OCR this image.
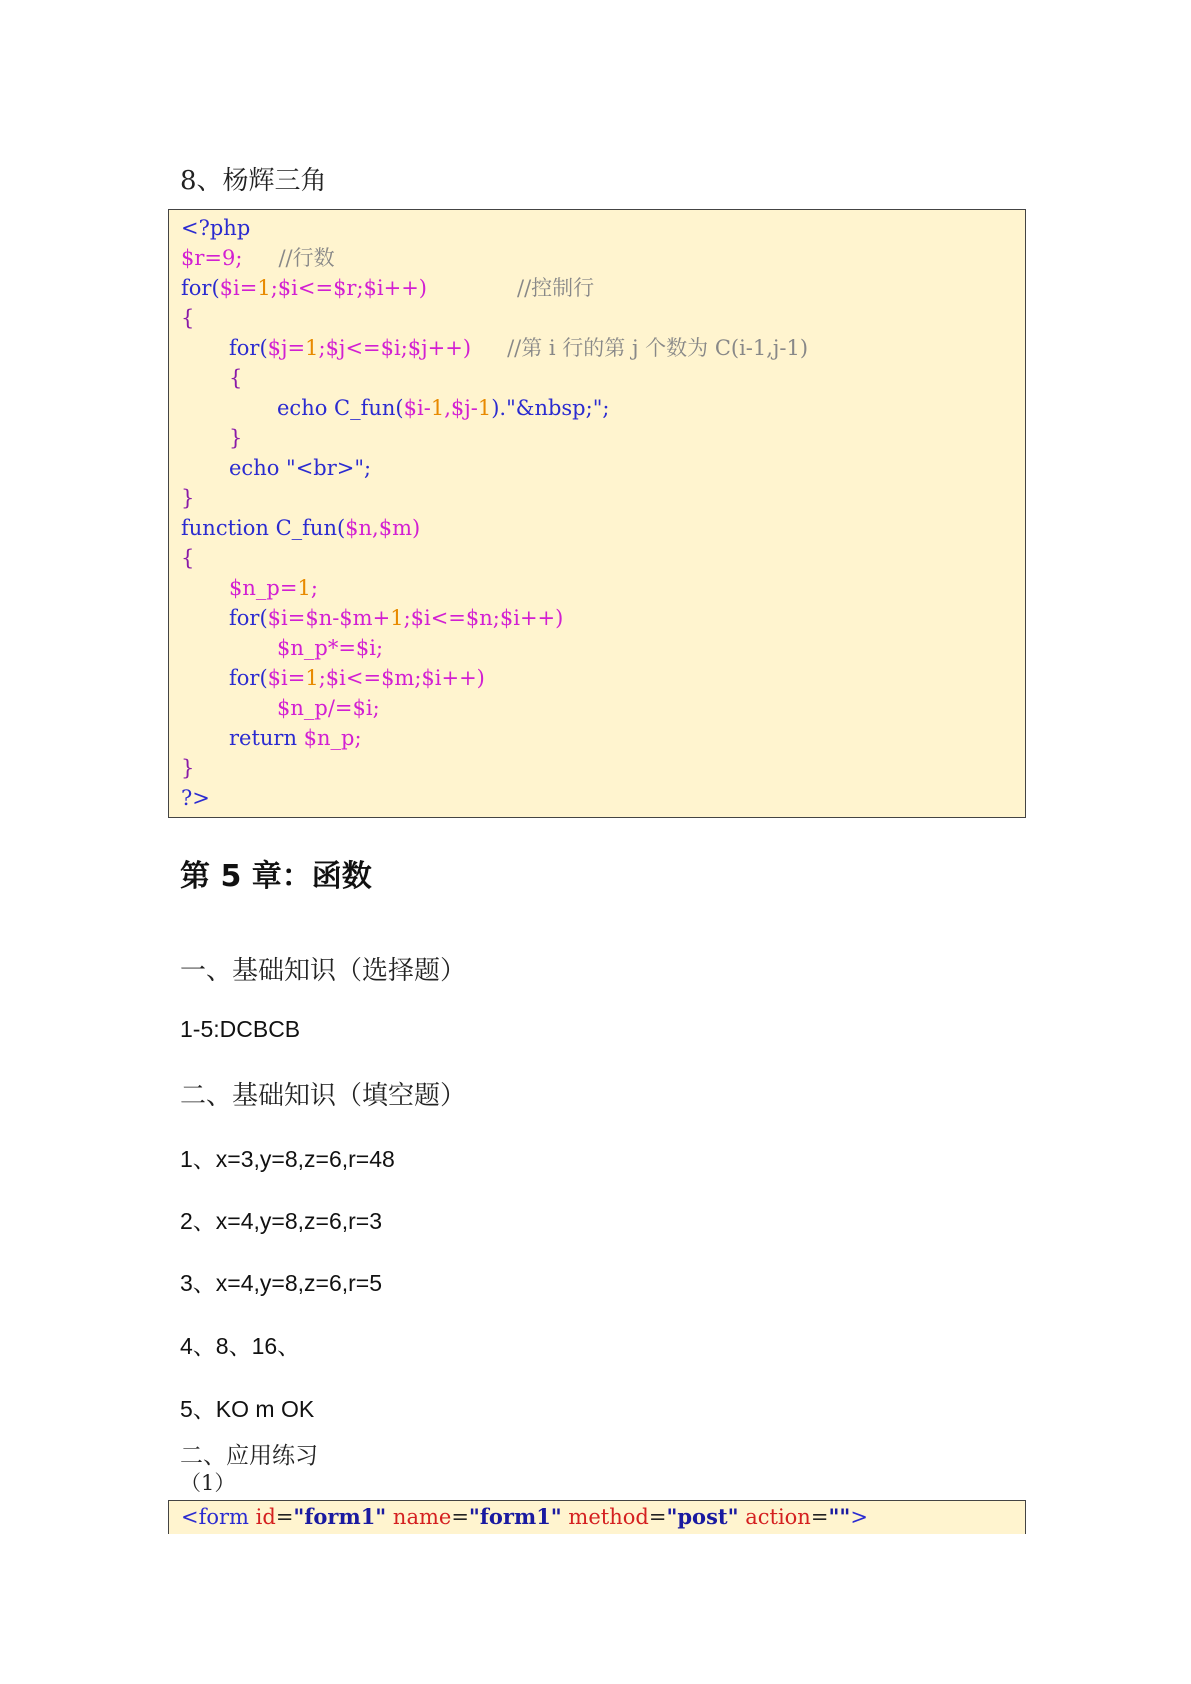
8、杨辉三角
<?php
$r=9; //行数
for($i=1;$i<=$r;$i++)	//控制行
{
for($j=1;$j<=$i;$j++) //第 i 行的第 j 个数为 C(i-1,j-1)
{
echo C_fun($i-1,$j-1)."&nbsp;";
}
echo "<br>";
}
function C_fun($n,$m)
{
$n_p=1;
for($i=$n-$m+1;$i<=$n;$i++)
$n_p*=$i;
for($i=1;$i<=$m;$i++)
$n_p/=$i;
return $n_p;
}
?>
第 5 章：函数
一、基础知识（选择题）
1-5:DCBCB
二、基础知识（填空题）
1、x=3,y=8,z=6,r=48
2、x=4,y=8,z=6,r=3
3、x=4,y=8,z=6,r=5
4、8、16、
5、KO m OK
二、应用练习
（1）
<form id="form1" name="form1" method="post" action="">
